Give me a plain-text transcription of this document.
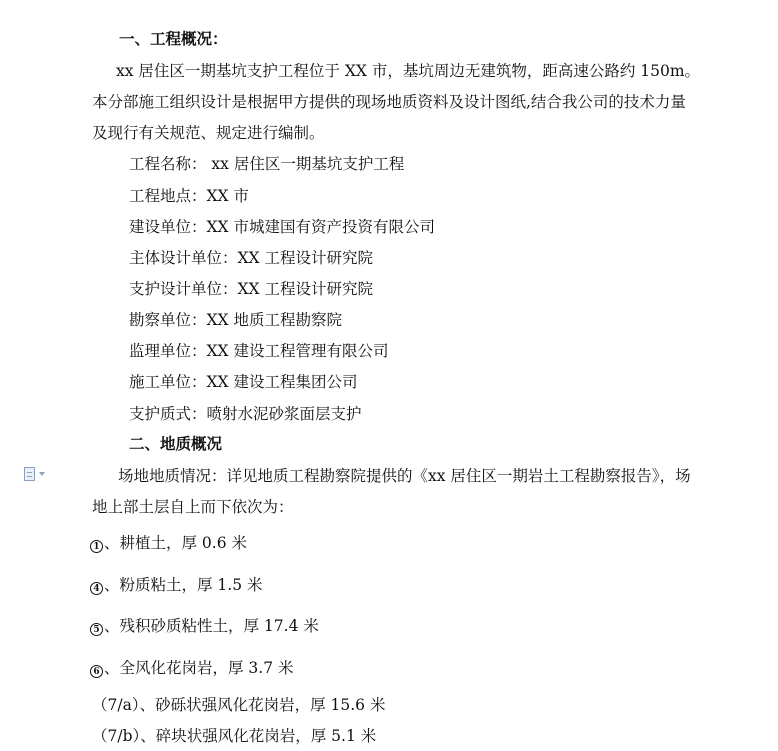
一、工程概况：
xx 居住区一期基坑支护工程位于 XX 市，基坑周边无建筑物，距高速公路约 150m。
本分部施工组织设计是根据甲方提供的现场地质资料及设计图纸,结合我公司的技术力量
及现行有关规范、规定进行编制。
工程名称： xx 居住区一期基坑支护工程
工程地点：XX 市
建设单位：XX 市城建国有资产投资有限公司
主体设计单位：XX 工程设计研究院
支护设计单位：XX 工程设计研究院
勘察单位：XX 地质工程勘察院
监理单位：XX 建设工程管理有限公司
施工单位：XX 建设工程集团公司
支护质式：喷射水泥砂浆面层支护
二、地质概况
场地地质情况：详见地质工程勘察院提供的《xx 居住区一期岩土工程勘察报告》，场
地上部土层自上而下依次为：
1 、耕植土，厚 0.6 米
4 、粉质粘土，厚 1.5 米
5 、残积砂质粘性土，厚 17.4 米
6 、全风化花岗岩，厚 3.7 米
（7/a）、砂砾状强风化花岗岩，厚 15.6 米
（7/b）、碎块状强风化花岗岩，厚 5.1 米
